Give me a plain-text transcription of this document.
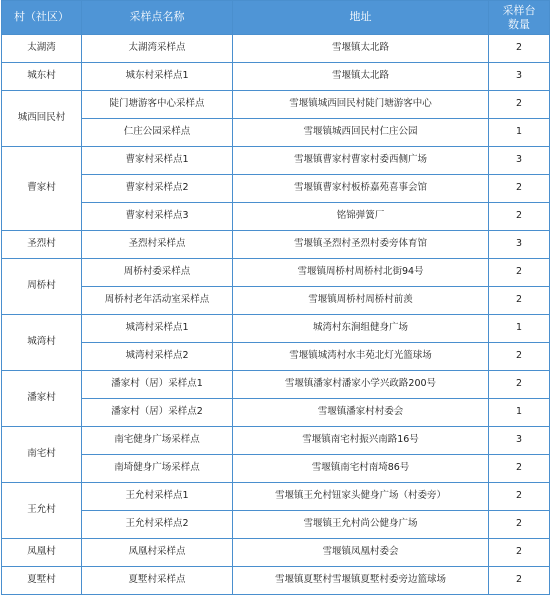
村（社区）	采样点名称	地址	采样台
数量
太湖湾	太湖湾采样点	雪堰镇太北路	2
城东村	城东村采样点1	雪堰镇太北路	3
城西回民村	陡门塘游客中心采样点	雪堰镇城西回民村陡门塘游客中心	2
	仁庄公园采样点	雪堰镇城西回民村仁庄公园	1
曹家村	曹家村采样点1	雪堰镇曹家村曹家村委西侧广场	3
	曹家村采样点2	雪堰镇曹家村板桥嘉苑喜事会馆	2
	曹家村采样点3	铭锦弹簧厂	2
圣烈村	圣烈村采样点	雪堰镇圣烈村圣烈村委旁体育馆	3
周桥村	周桥村委采样点	雪堰镇周桥村周桥村北街94号	2
	周桥村老年活动室采样点	雪堰镇周桥村周桥村前羡	2
城湾村	城湾村采样点1	城湾村东涧组健身广场	1
	城湾村采样点2	雪堰镇城湾村水丰苑北灯光篮球场	2
潘家村	潘家村（居）采样点1	雪堰镇潘家村潘家小学兴政路200号	2
	潘家村（居）采样点2	雪堰镇潘家村村委会	1
南宅村	南宅健身广场采样点	雪堰镇南宅村振兴南路16号	3
	南埼健身广场采样点	雪堰镇南宅村南埼86号	2
王允村	王允村采样点1	雪堰镇王允村钮家头健身广场（村委旁）	2
	王允村采样点2	雪堰镇王允村尚公健身广场	2
凤凰村	凤凰村采样点	雪堰镇凤凰村委会	2
夏墅村	夏墅村采样点	雪堰镇夏墅村雪堰镇夏墅村委旁边篮球场	2
